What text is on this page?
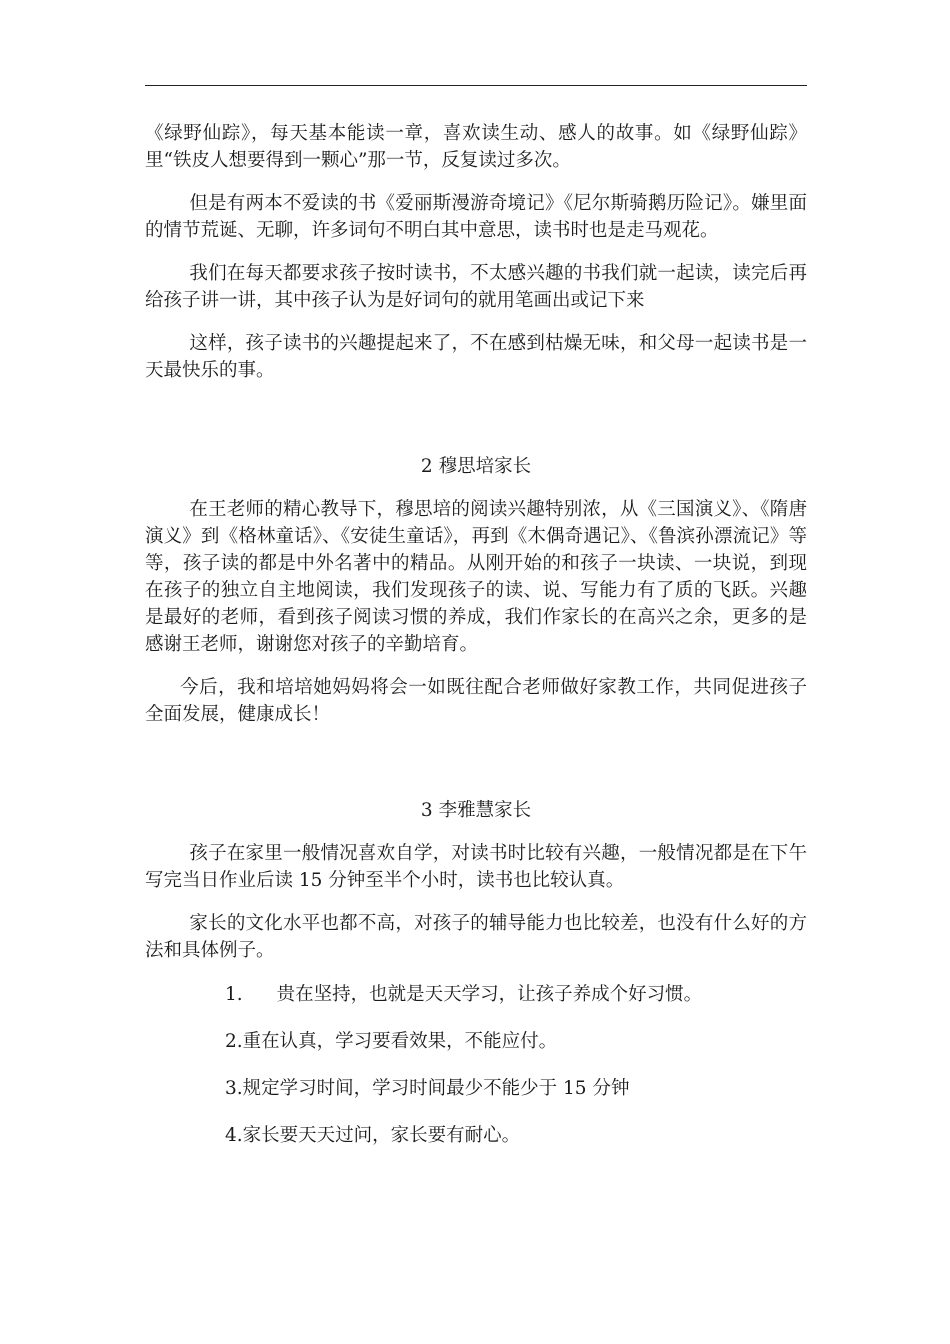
《绿野仙踪》，每天基本能读一章，喜欢读生动、感人的故事。如《绿野仙踪》里“铁皮人想要得到一颗心”那一节，反复读过多次。

但是有两本不爱读的书《爱丽斯漫游奇境记》《尼尔斯骑鹅历险记》。嫌里面的情节荒诞、无聊，许多词句不明白其中意思，读书时也是走马观花。

我们在每天都要求孩子按时读书，不太感兴趣的书我们就一起读，读完后再给孩子讲一讲，其中孩子认为是好词句的就用笔画出或记下来

这样，孩子读书的兴趣提起来了，不在感到枯燥无味，和父母一起读书是一天最快乐的事。

2 穆思培家长

在王老师的精心教导下，穆思培的阅读兴趣特别浓，从《三国演义》、《隋唐演义》到《格林童话》、《安徒生童话》，再到《木偶奇遇记》、《鲁滨孙漂流记》等等，孩子读的都是中外名著中的精品。从刚开始的和孩子一块读、一块说，到现在孩子的独立自主地阅读，我们发现孩子的读、说、写能力有了质的飞跃。兴趣是最好的老师，看到孩子阅读习惯的养成，我们作家长的在高兴之余，更多的是感谢王老师，谢谢您对孩子的辛勤培育。

今后，我和培培她妈妈将会一如既往配合老师做好家教工作，共同促进孩子全面发展，健康成长！

3 李雅慧家长

孩子在家里一般情况喜欢自学，对读书时比较有兴趣，一般情况都是在下午写完当日作业后读 15 分钟至半个小时，读书也比较认真。

家长的文化水平也都不高，对孩子的辅导能力也比较差，也没有什么好的方法和具体例子。

1. 贵在坚持，也就是天天学习，让孩子养成个好习惯。

2.重在认真，学习要看效果，不能应付。

3.规定学习时间，学习时间最少不能少于 15 分钟

4.家长要天天过问，家长要有耐心。
